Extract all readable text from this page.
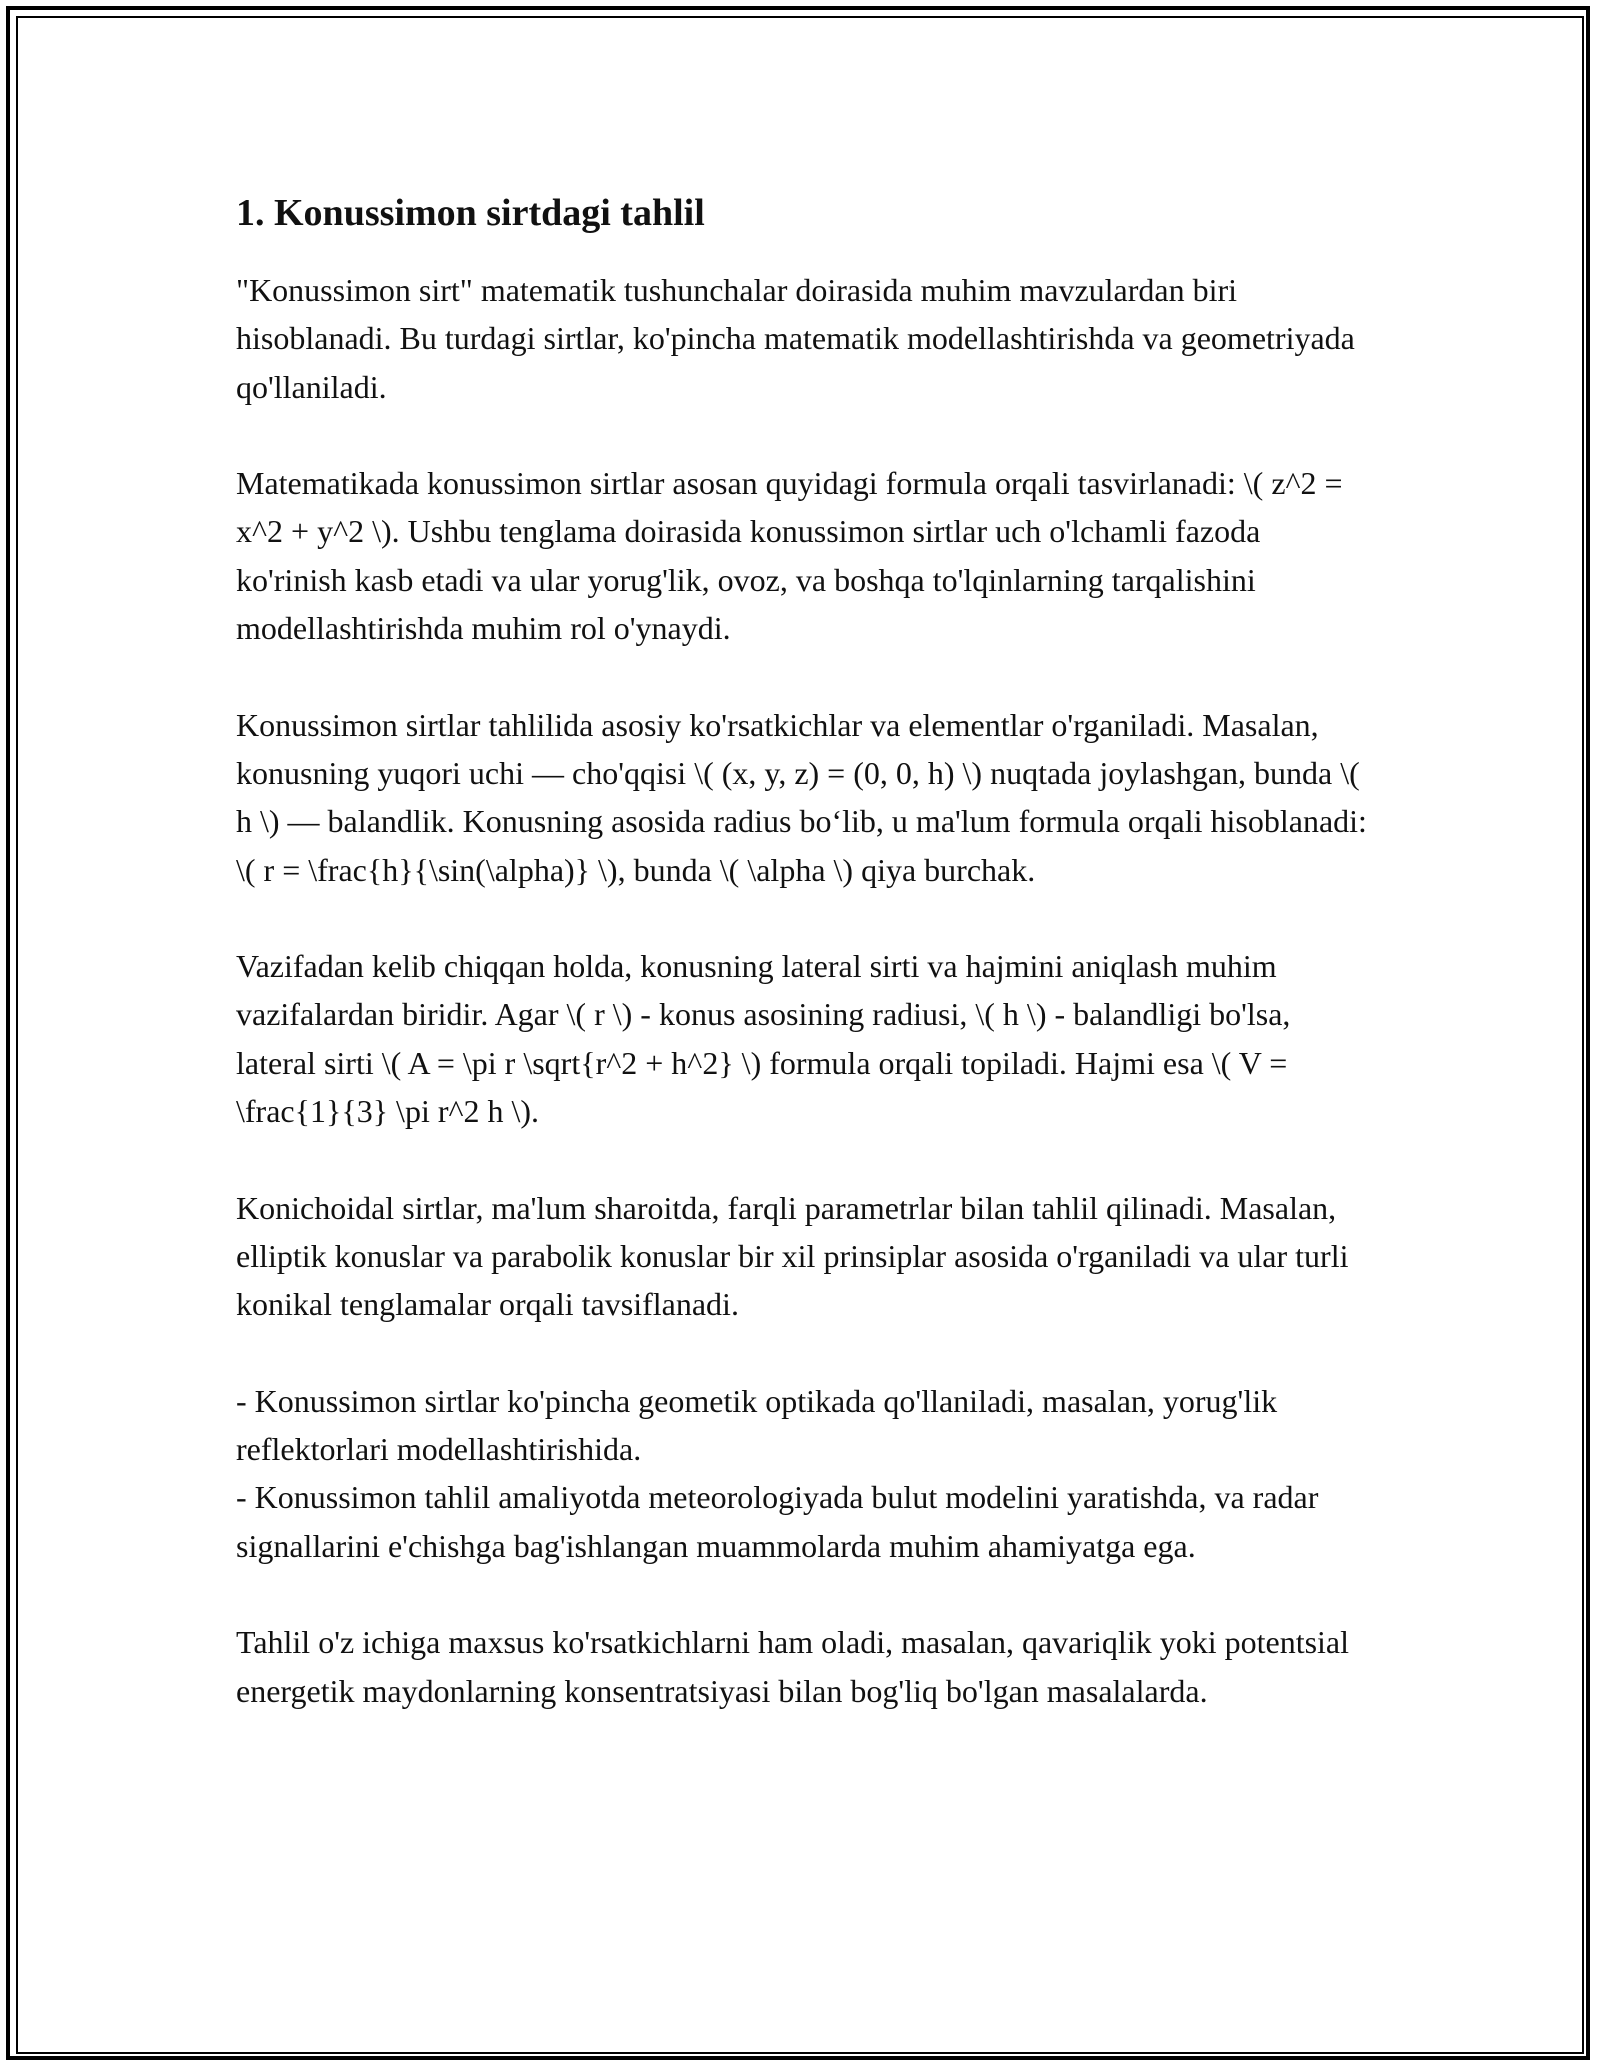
1. Konussimon sirtdagi tahlil

"Konussimon sirt" matematik tushunchalar doirasida muhim mavzulardan biri hisoblanadi. Bu turdagi sirtlar, ko'pincha matematik modellashtirishda va geometriyada qo'llaniladi.

Matematikada konussimon sirtlar asosan quyidagi formula orqali tasvirlanadi: \( z^2 = x^2 + y^2 \). Ushbu tenglama doirasida konussimon sirtlar uch o'lchamli fazoda ko'rinish kasb etadi va ular yorug'lik, ovoz, va boshqa to'lqinlarning tarqalishini modellashtirishda muhim rol o'ynaydi.

Konussimon sirtlar tahlilida asosiy ko'rsatkichlar va elementlar o'rganiladi. Masalan, konusning yuqori uchi — cho'qqisi \( (x, y, z) = (0, 0, h) \) nuqtada joylashgan, bunda \( h \) — balandlik. Konusning asosida radius bo‘lib, u ma'lum formula orqali hisoblanadi: \( r = \frac{h}{\sin(\alpha)} \), bunda \( \alpha \) qiya burchak.

Vazifadan kelib chiqqan holda, konusning lateral sirti va hajmini aniqlash muhim vazifalardan biridir. Agar \( r \) - konus asosining radiusi, \( h \) - balandligi bo'lsa, lateral sirti \( A = \pi r \sqrt{r^2 + h^2} \) formula orqali topiladi. Hajmi esa \( V = \frac{1}{3} \pi r^2 h \).

Konichoidal sirtlar, ma'lum sharoitda, farqli parametrlar bilan tahlil qilinadi. Masalan, elliptik konuslar va parabolik konuslar bir xil prinsiplar asosida o'rganiladi va ular turli konikal tenglamalar orqali tavsiflanadi.

- Konussimon sirtlar ko'pincha geometik optikada qo'llaniladi, masalan, yorug'lik reflektorlari modellashtirishida.
- Konussimon tahlil amaliyotda meteorologiyada bulut modelini yaratishda, va radar signallarini e'chishga bag'ishlangan muammolarda muhim ahamiyatga ega.

Tahlil o'z ichiga maxsus ko'rsatkichlarni ham oladi, masalan, qavariqlik yoki potentsial energetik maydonlarning konsentratsiyasi bilan bog'liq bo'lgan masalalarda.
